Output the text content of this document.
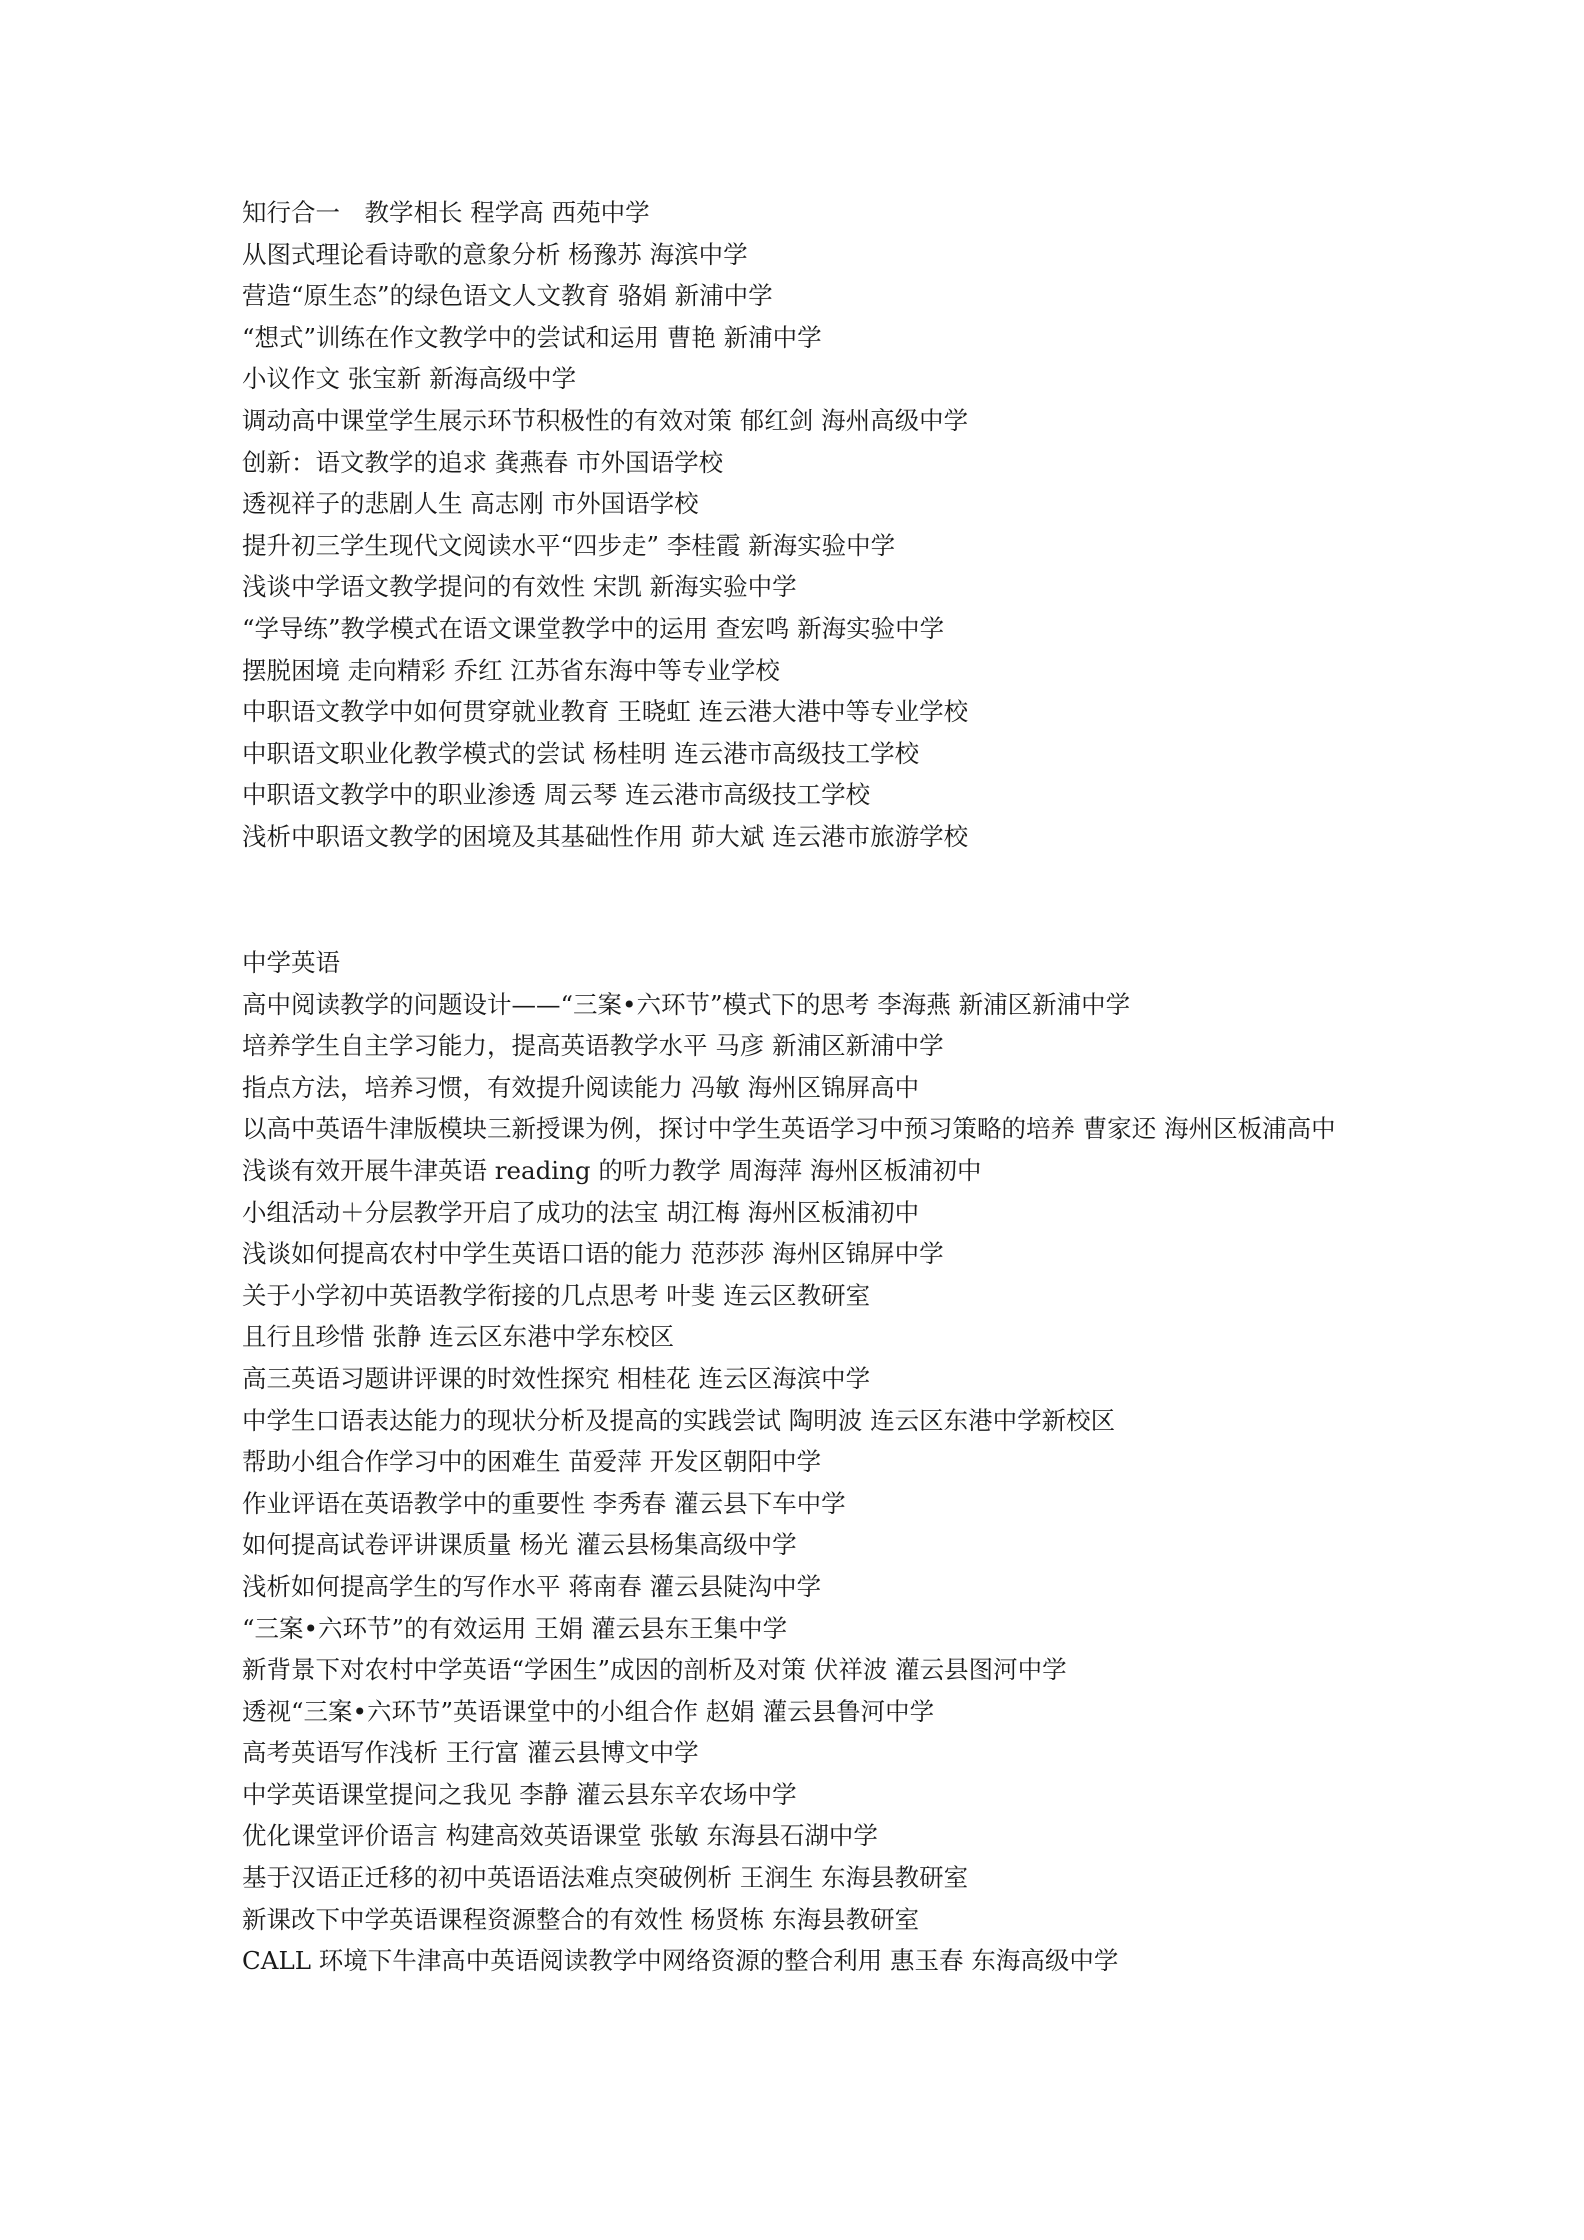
知行合一　教学相长 程学高 西苑中学
从图式理论看诗歌的意象分析 杨豫苏 海滨中学
营造“原生态”的绿色语文人文教育 骆娟 新浦中学
“想式”训练在作文教学中的尝试和运用 曹艳 新浦中学
小议作文 张宝新 新海高级中学
调动高中课堂学生展示环节积极性的有效对策 郁红剑 海州高级中学
创新：语文教学的追求 龚燕春 市外国语学校
透视祥子的悲剧人生 高志刚 市外国语学校
提升初三学生现代文阅读水平“四步走” 李桂霞 新海实验中学
浅谈中学语文教学提问的有效性 宋凯 新海实验中学
“学导练”教学模式在语文课堂教学中的运用 查宏鸣 新海实验中学
摆脱困境 走向精彩 乔红 江苏省东海中等专业学校
中职语文教学中如何贯穿就业教育 王晓虹 连云港大港中等专业学校
中职语文职业化教学模式的尝试 杨桂明 连云港市高级技工学校
中职语文教学中的职业渗透 周云琴 连云港市高级技工学校
浅析中职语文教学的困境及其基础性作用 茆大斌 连云港市旅游学校
中学英语
高中阅读教学的问题设计——“三案•六环节”模式下的思考 李海燕 新浦区新浦中学
培养学生自主学习能力，提高英语教学水平 马彦 新浦区新浦中学
指点方法，培养习惯，有效提升阅读能力 冯敏 海州区锦屏高中
以高中英语牛津版模块三新授课为例，探讨中学生英语学习中预习策略的培养 曹家还 海州区板浦高中
浅谈有效开展牛津英语 reading 的听力教学 周海萍 海州区板浦初中
小组活动＋分层教学开启了成功的法宝 胡江梅 海州区板浦初中
浅谈如何提高农村中学生英语口语的能力 范莎莎 海州区锦屏中学
关于小学初中英语教学衔接的几点思考 叶斐 连云区教研室
且行且珍惜 张静 连云区东港中学东校区
高三英语习题讲评课的时效性探究 相桂花 连云区海滨中学
中学生口语表达能力的现状分析及提高的实践尝试 陶明波 连云区东港中学新校区
帮助小组合作学习中的困难生 苗爱萍 开发区朝阳中学
作业评语在英语教学中的重要性 李秀春 灌云县下车中学
如何提高试卷评讲课质量 杨光 灌云县杨集高级中学
浅析如何提高学生的写作水平 蒋南春 灌云县陡沟中学
“三案•六环节”的有效运用 王娟 灌云县东王集中学
新背景下对农村中学英语“学困生”成因的剖析及对策 伏祥波 灌云县图河中学
透视“三案•六环节”英语课堂中的小组合作 赵娟 灌云县鲁河中学
高考英语写作浅析 王行富 灌云县博文中学
中学英语课堂提问之我见 李静 灌云县东辛农场中学
优化课堂评价语言 构建高效英语课堂 张敏 东海县石湖中学
基于汉语正迁移的初中英语语法难点突破例析 王润生 东海县教研室
新课改下中学英语课程资源整合的有效性 杨贤栋 东海县教研室
CALL 环境下牛津高中英语阅读教学中网络资源的整合利用 惠玉春 东海高级中学
